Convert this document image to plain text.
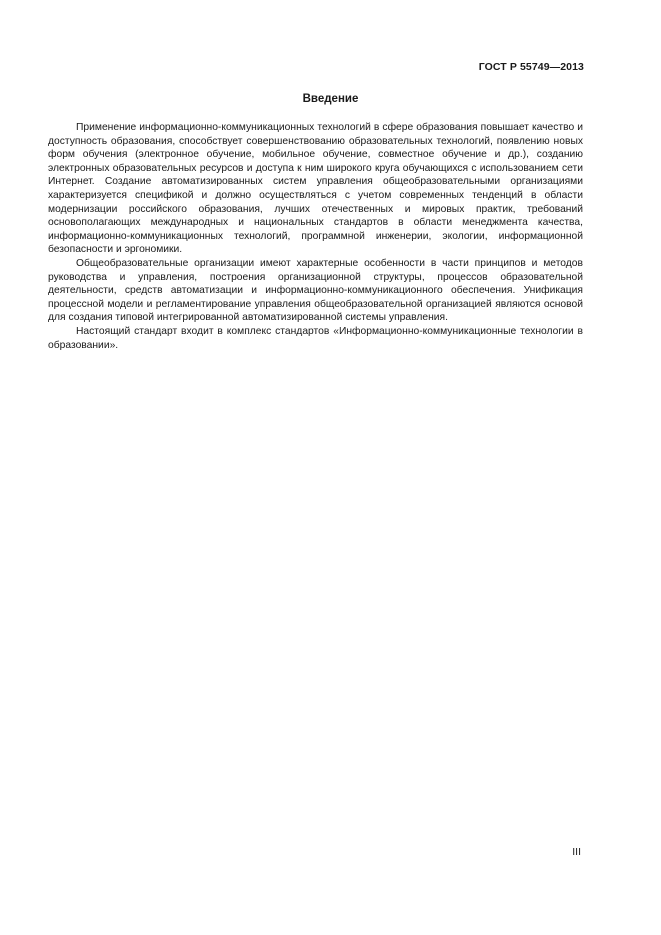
ГОСТ Р 55749—2013
Введение

Применение информационно-коммуникационных технологий в сфере образования повышает качество и доступность образования, способствует совершенствованию образовательных технологий, появлению новых форм обучения (электронное обучение, мобильное обучение, совместное обучение и др.), созданию электронных образовательных ресурсов и доступа к ним широкого круга обучающихся с использованием сети Интернет. Создание автоматизированных систем управления общеобразовательными организациями характеризуется спецификой и должно осуществляться с учетом современных тенденций в области модернизации российского образования, лучших отечественных и мировых практик, требований основополагающих международных и национальных стандартов в области менеджмента качества, информационно-коммуникационных технологий, программной инженерии, экологии, информационной безопасности и эргономики.

Общеобразовательные организации имеют характерные особенности в части принципов и методов руководства и управления, построения организационной структуры, процессов образовательной деятельности, средств автоматизации и информационно-коммуникационного обеспечения. Унификация процессной модели и регламентирование управления общеобразовательной организацией являются основой для создания типовой интегрированной автоматизированной системы управления.

Настоящий стандарт входит в комплекс стандартов «Информационно-коммуникационные технологии в образовании».

III
